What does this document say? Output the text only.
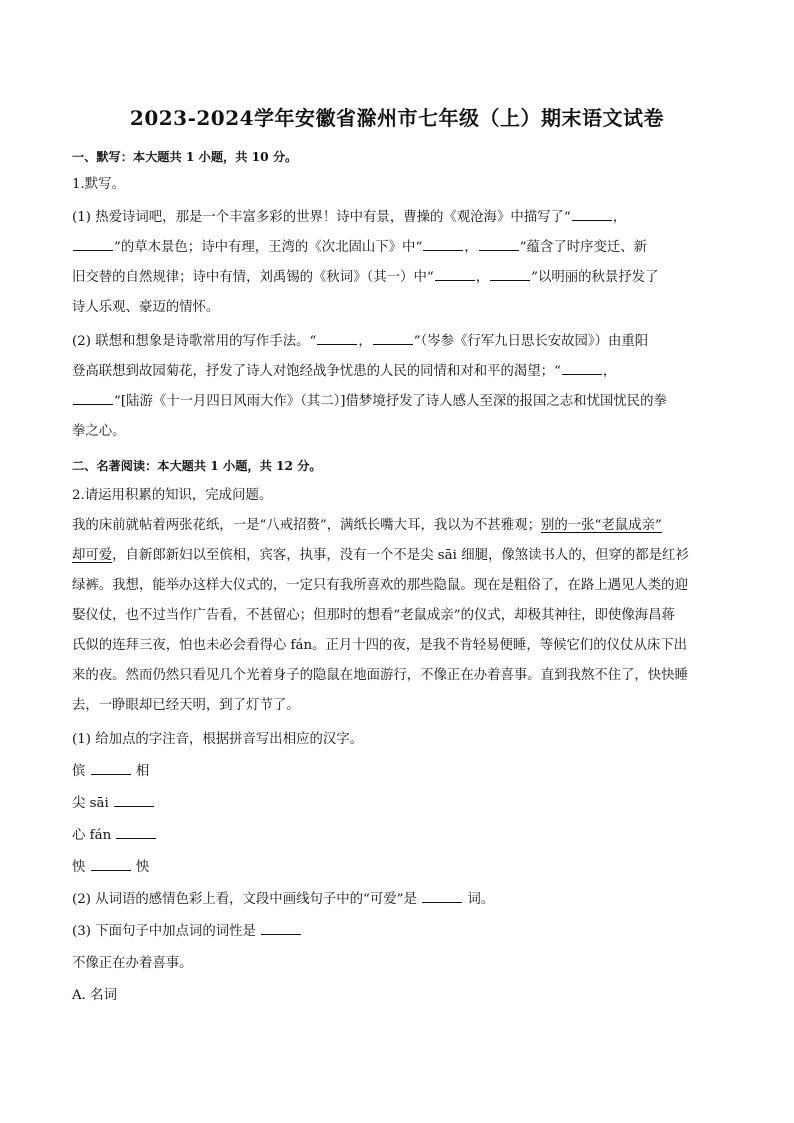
2023-2024学年安徽省滁州市七年级（上）期末语文试卷
一、默写：本大题共 1 小题，共 10 分。
1.默写。
(1) 热爱诗词吧，那是一个丰富多彩的世界！诗中有景，曹操的《观沧海》中描写了“	，
”的草木景色；诗中有理，王湾的《次北固山下》中“	，	”蕴含了时序变迁、新
旧交替的自然规律；诗中有情，刘禹锡的《秋词》（其一）中“	，	”以明丽的秋景抒发了
诗人乐观、豪迈的情怀。
(2) 联想和想象是诗歌常用的写作手法。“	，	”（岑参《行军九日思长安故园》）由重阳
登高联想到故园菊花，抒发了诗人对饱经战争忧患的人民的同情和对和平的渴望；“	，
”[陆游《十一月四日风雨大作》（其二）]借梦境抒发了诗人感人至深的报国之志和忧国忧民的拳
拳之心。
二、名著阅读：本大题共 1 小题，共 12 分。
2.请运用积累的知识，完成问题。
我的床前就帖着两张花纸，一是“八戒招赘”，满纸长嘴大耳，我以为不甚雅观；别的一张“老鼠成亲”
却可爱，自新郎新妇以至傧相，宾客，执事，没有一个不是尖 sāi 细腿，像煞读书人的，但穿的都是红衫
绿裤。我想，能举办这样大仪式的，一定只有我所喜欢的那些隐鼠。现在是粗俗了，在路上遇见人类的迎
娶仪仗，也不过当作广告看，不甚留心；但那时的想看“老鼠成亲”的仪式，却极其神往，即使像海昌蒋
氏似的连拜三夜，怕也未必会看得心 fán。正月十四的夜，是我不肯轻易便睡，等候它们的仪仗从床下出
来的夜。然而仍然只看见几个光着身子的隐鼠在地面游行，不像正在办着喜事。直到我熬不住了，快快睡
去，一睁眼却已经天明，到了灯节了。
(1) 给加点的字注音，根据拼音写出相应的汉字。
傧	相
尖 sāi
心 fán
怏	怏
(2) 从词语的感情色彩上看，文段中画线句子中的“可爱”是	词。
(3) 下面句子中加点词的词性是
不像正在办着喜事。
A. 名词
